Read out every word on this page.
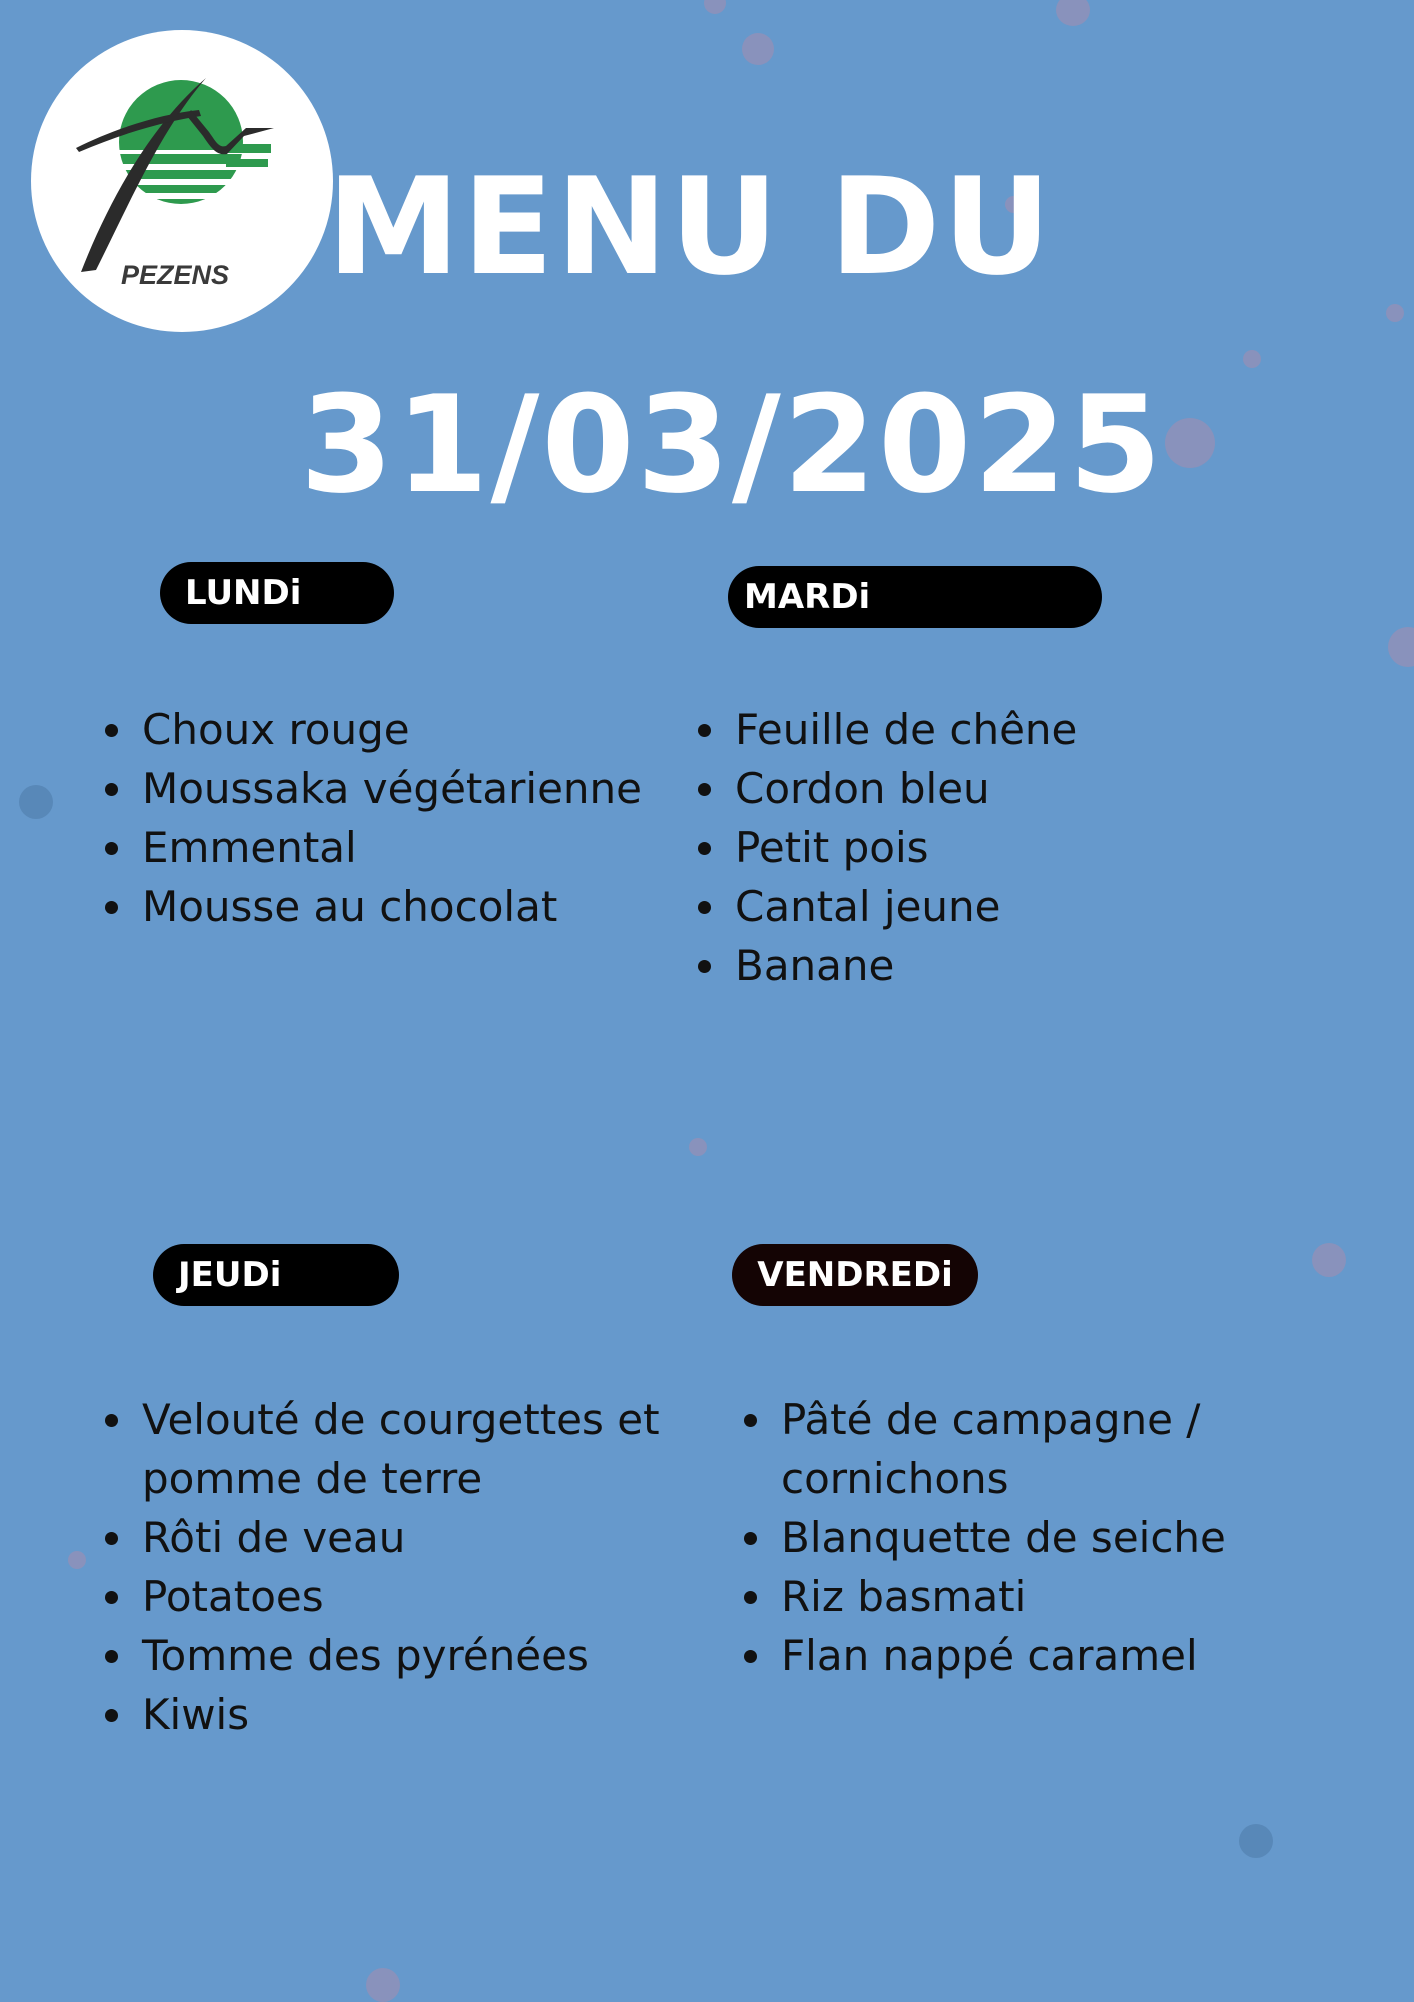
PEZENS MENU DU
31/03/2025
LUNDi
• Choux rouge
• Moussaka végétarienne
• Emmental
• Mousse au chocolat
MARDi
• Feuille de chêne
• Cordon bleu
• Petit pois
• Cantal jeune
• Banane
JEUDi
• Velouté de courgettes et pomme de terre
• Rôti de veau
• Potatoes
• Tomme des pyrénées
• Kiwis
VENDREDi
• Pâté de campagne / cornichons
• Blanquette de seiche
• Riz basmati
• Flan nappé caramel
